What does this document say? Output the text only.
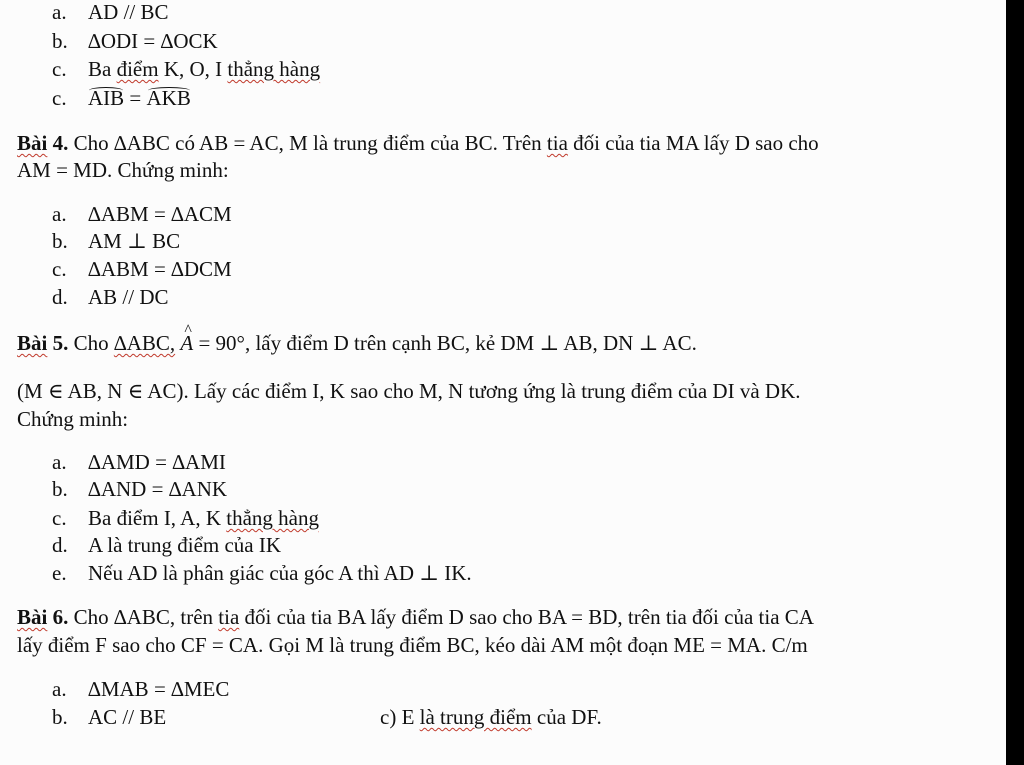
a. AD // BC
b. ∆ODI = ∆OCK
c. Ba điểm K, O, I thẳng hàng
c. AIB = AKB
Bài 4. Cho ∆ABC có AB = AC, M là trung điểm của BC. Trên tia đối của tia MA lấy D sao cho
AM = MD. Chứng minh:
a. ∆ABM = ∆ACM
b. AM ⊥ BC
c. ∆ABM = ∆DCM
d. AB // DC
Bài 5. Cho ∆ABC, ^ A = 90°, lấy điểm D trên cạnh BC, kẻ DM ⊥ AB, DN ⊥ AC.
(M ∈ AB, N ∈ AC). Lấy các điểm I, K sao cho M, N tương ứng là trung điểm của DI và DK.
Chứng minh:
a. ∆AMD = ∆AMI
b. ∆AND = ∆ANK
c. Ba điểm I, A, K thẳng hàng
d. A là trung điểm của IK
e. Nếu AD là phân giác của góc A thì AD ⊥ IK.
Bài 6. Cho ∆ABC, trên tia đối của tia BA lấy điểm D sao cho BA = BD, trên tia đối của tia CA
lấy điểm F sao cho CF = CA. Gọi M là trung điểm BC, kéo dài AM một đoạn ME = MA. C/m
a. ∆MAB = ∆MEC
b. AC // BE	c) E là trung điểm của DF.
